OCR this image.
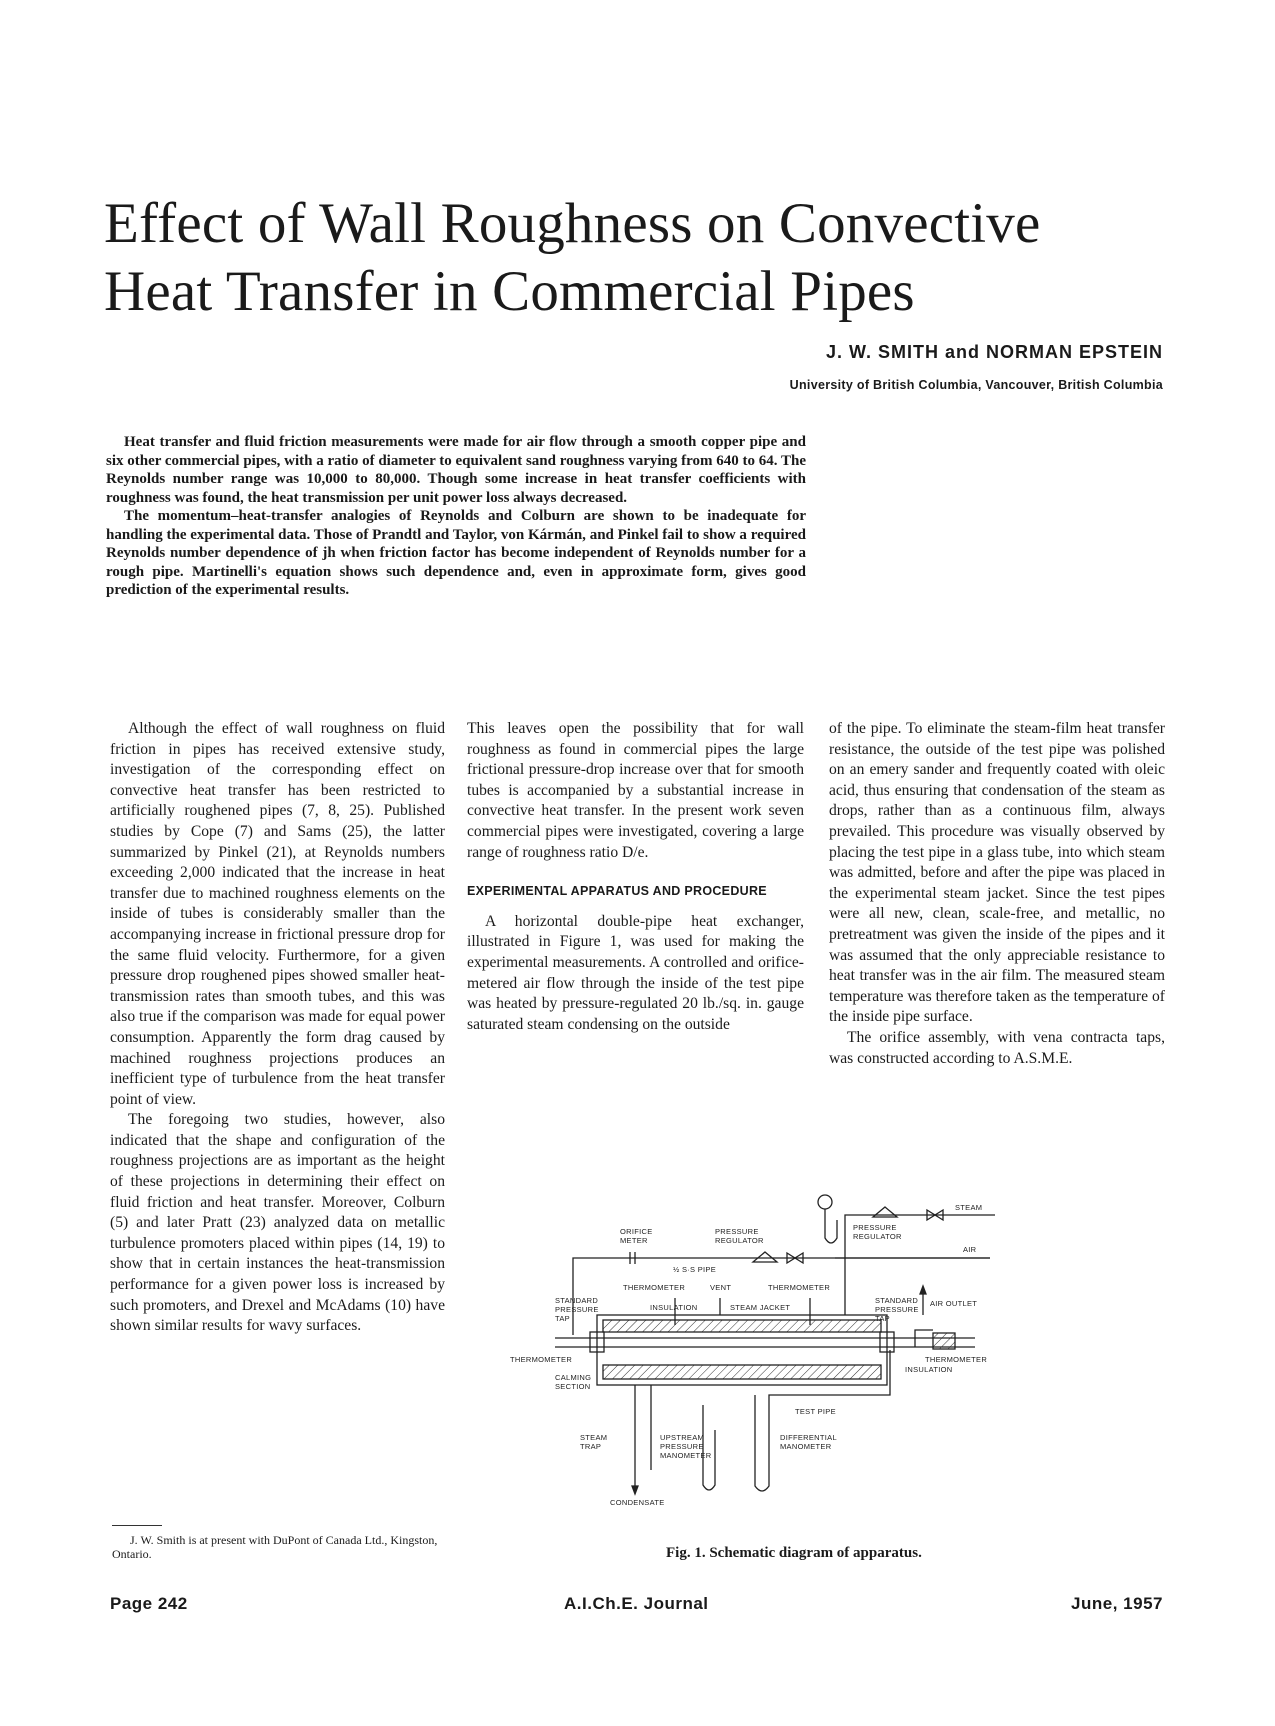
Effect of Wall Roughness on Convective Heat Transfer in Commercial Pipes
J. W. SMITH and NORMAN EPSTEIN
University of British Columbia, Vancouver, British Columbia

Heat transfer and fluid friction measurements were made for air flow through a smooth copper pipe and six other commercial pipes, with a ratio of diameter to equivalent sand roughness varying from 640 to 64. The Reynolds number range was 10,000 to 80,000. Though some increase in heat transfer coefficients with roughness was found, the heat transmission per unit power loss always decreased.

The momentum–heat-transfer analogies of Reynolds and Colburn are shown to be inadequate for handling the experimental data. Those of Prandtl and Taylor, von Kármán, and Pinkel fail to show a required Reynolds number dependence of jh when friction factor has become independent of Reynolds number for a rough pipe. Martinelli's equation shows such dependence and, even in approximate form, gives good prediction of the experimental results.

Although the effect of wall roughness on fluid friction in pipes has received extensive study, investigation of the corresponding effect on convective heat transfer has been restricted to artificially roughened pipes (7, 8, 25). Published studies by Cope (7) and Sams (25), the latter summarized by Pinkel (21), at Reynolds numbers exceeding 2,000 indicated that the increase in heat transfer due to machined roughness elements on the inside of tubes is considerably smaller than the accompanying increase in frictional pressure drop for the same fluid velocity. Furthermore, for a given pressure drop roughened pipes showed smaller heat-transmission rates than smooth tubes, and this was also true if the comparison was made for equal power consumption. Apparently the form drag caused by machined roughness projections produces an inefficient type of turbulence from the heat transfer point of view.

The foregoing two studies, however, also indicated that the shape and configuration of the roughness projections are as important as the height of these projections in determining their effect on fluid friction and heat transfer. Moreover, Colburn (5) and later Pratt (23) analyzed data on metallic turbulence promoters placed within pipes (14, 19) to show that in certain instances the heat-transmission performance for a given power loss is increased by such promoters, and Drexel and McAdams (10) have shown similar results for wavy surfaces.

This leaves open the possibility that for wall roughness as found in commercial pipes the large frictional pressure-drop increase over that for smooth tubes is accompanied by a substantial increase in convective heat transfer. In the present work seven commercial pipes were investigated, covering a large range of roughness ratio D/e.

EXPERIMENTAL APPARATUS AND PROCEDURE

A horizontal double-pipe heat exchanger, illustrated in Figure 1, was used for making the experimental measurements. A controlled and orifice-metered air flow through the inside of the test pipe was heated by pressure-regulated 20 lb./sq. in. gauge saturated steam condensing on the outside

of the pipe. To eliminate the steam-film heat transfer resistance, the outside of the test pipe was polished on an emery sander and frequently coated with oleic acid, thus ensuring that condensation of the steam as drops, rather than as a continuous film, always prevailed. This procedure was visually observed by placing the test pipe in a glass tube, into which steam was admitted, before and after the pipe was placed in the experimental steam jacket. Since the test pipes were all new, clean, scale-free, and metallic, no pretreatment was given the inside of the pipes and it was assumed that the only appreciable resistance to heat transfer was in the air film. The measured steam temperature was therefore taken as the temperature of the inside pipe surface.

The orifice assembly, with vena contracta taps, was constructed according to A.S.M.E.

J. W. Smith is at present with DuPont of Canada Ltd., Kingston, Ontario.
STEAM
AIR
ORIFICE
METER
PRESSURE
REGULATOR
PRESSURE
REGULATOR
½ S·S PIPE
THERMOMETER	VENT	THERMOMETER
STANDARD
PRESSURE
TAP
INSULATION	STEAM JACKET
STANDARD
PRESSURE
TAP
AIR OUTLET
THERMOMETER	THERMOMETER
INSULATION
CALMING
SECTION
TEST PIPE
STEAM
TRAP
UPSTREAM
PRESSURE
MANOMETER
DIFFERENTIAL
MANOMETER
CONDENSATE
Fig. 1. Schematic diagram of apparatus.
Page 242	A.I.Ch.E. Journal	June, 1957
